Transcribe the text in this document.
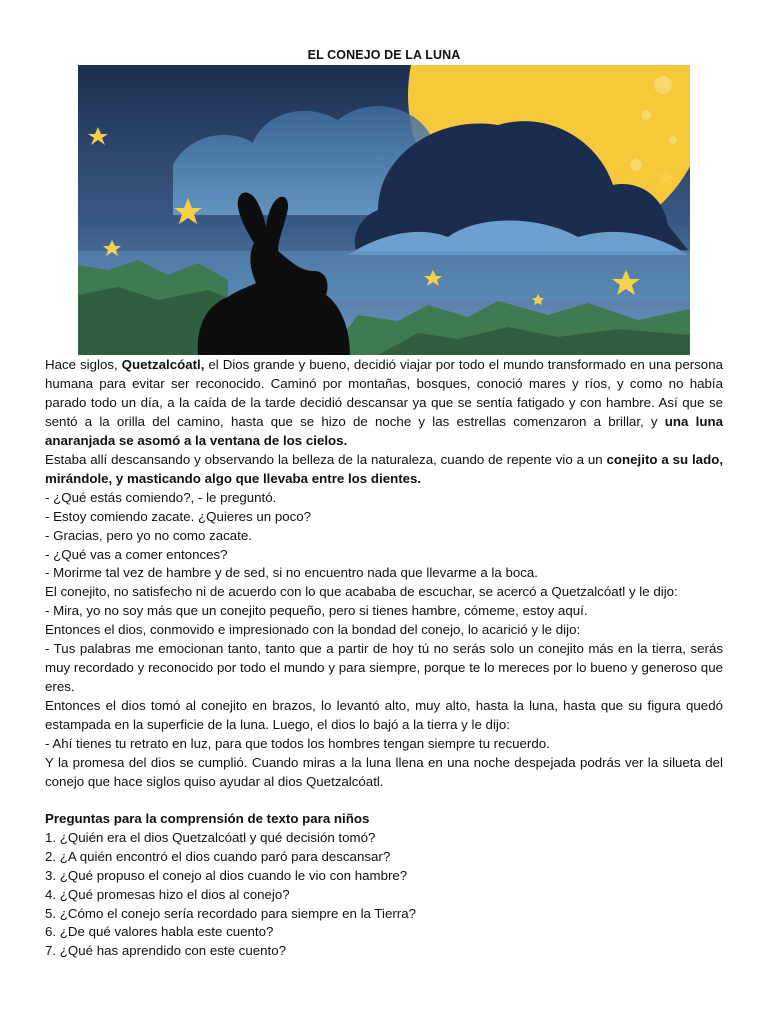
EL CONEJO DE LA LUNA

Hace siglos, Quetzalcóatl, el Dios grande y bueno, decidió viajar por todo el mundo transformado en una persona humana para evitar ser reconocido. Caminó por montañas, bosques, conoció mares y ríos, y como no había parado todo un día, a la caída de la tarde decidió descansar ya que se sentía fatigado y con hambre. Así que se sentó a la orilla del camino, hasta que se hizo de noche y las estrellas comenzaron a brillar, y una luna anaranjada se asomó a la ventana de los cielos.

Estaba allí descansando y observando la belleza de la naturaleza, cuando de repente vio a un conejito a su lado, mirándole, y masticando algo que llevaba entre los dientes.

- ¿Qué estás comiendo?, - le preguntó.

- Estoy comiendo zacate. ¿Quieres un poco?

- Gracias, pero yo no como zacate.

- ¿Qué vas a comer entonces?

- Morirme tal vez de hambre y de sed, si no encuentro nada que llevarme a la boca.

El conejito, no satisfecho ni de acuerdo con lo que acababa de escuchar, se acercó a Quetzalcóatl y le dijo:

- Mira, yo no soy más que un conejito pequeño, pero si tienes hambre, cómeme, estoy aquí.

Entonces el dios, conmovido e impresionado con la bondad del conejo, lo acarició y le dijo:

- Tus palabras me emocionan tanto, tanto que a partir de hoy tú no serás solo un conejito más en la tierra, serás muy recordado y reconocido por todo el mundo y para siempre, porque te lo mereces por lo bueno y generoso que eres.

Entonces el dios tomó al conejito en brazos, lo levantó alto, muy alto, hasta la luna, hasta que su figura quedó estampada en la superficie de la luna. Luego, el dios lo bajó a la tierra y le dijo:

- Ahí tienes tu retrato en luz, para que todos los hombres tengan siempre tu recuerdo.

Y la promesa del dios se cumplió. Cuando miras a la luna llena en una noche despejada podrás ver la silueta del conejo que hace siglos quiso ayudar al dios Quetzalcóatl.

Preguntas para la comprensión de texto para niños

1. ¿Quién era el dios Quetzalcóatl y qué decisión tomó?

2. ¿A quién encontró el dios cuando paró para descansar?

3. ¿Qué propuso el conejo al dios cuando le vio con hambre?

4. ¿Qué promesas hizo el dios al conejo?

5. ¿Cómo el conejo sería recordado para siempre en la Tierra?

6. ¿De qué valores habla este cuento?

7. ¿Qué has aprendido con este cuento?
